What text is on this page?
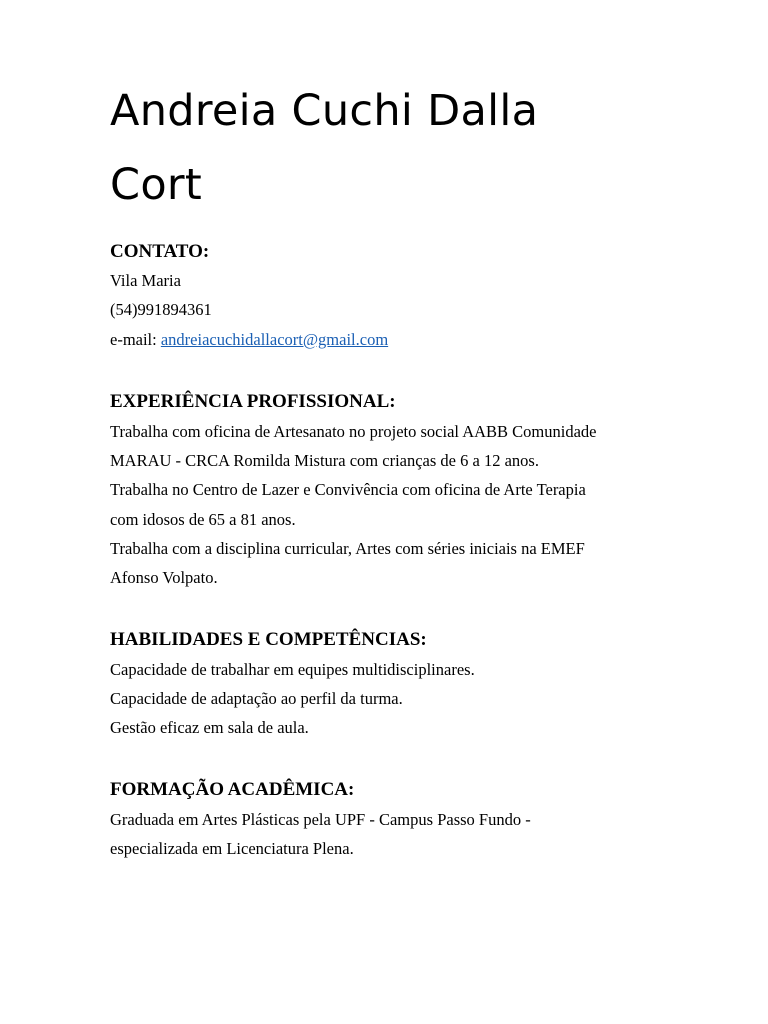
Andreia Cuchi Dalla
Cort
CONTATO:

Vila Maria

(54)991894361

e-mail: andreiacuchidallacort@gmail.com

EXPERIÊNCIA PROFISSIONAL:

Trabalha com oficina de Artesanato no projeto social AABB Comunidade

MARAU - CRCA Romilda Mistura com crianças de 6 a 12 anos.

Trabalha no Centro de Lazer e Convivência com oficina de Arte Terapia

com idosos de 65 a 81 anos.

Trabalha com a disciplina curricular, Artes com séries iniciais na EMEF

Afonso Volpato.

HABILIDADES E COMPETÊNCIAS:

Capacidade de trabalhar em equipes multidisciplinares.

Capacidade de adaptação ao perfil da turma.

Gestão eficaz em sala de aula.

FORMAÇÃO ACADÊMICA:

Graduada em Artes Plásticas pela UPF - Campus Passo Fundo -

especializada em Licenciatura Plena.
